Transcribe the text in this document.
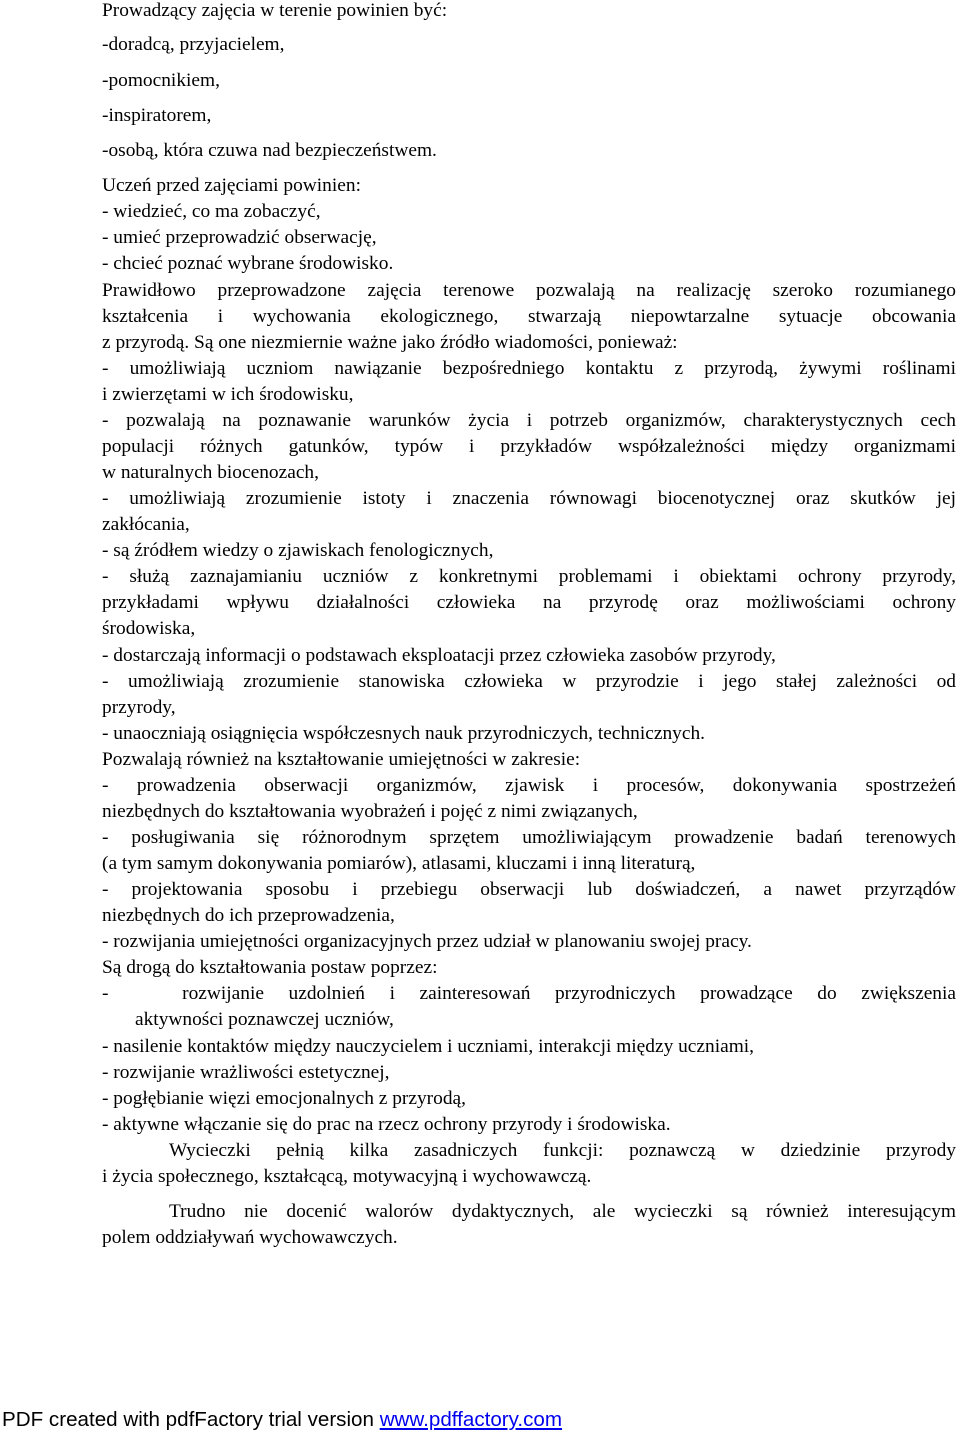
Prowadzący zajęcia w terenie powinien być:
-doradcą, przyjacielem,
-pomocnikiem,
-inspiratorem,
-osobą, która czuwa nad bezpieczeństwem.
Uczeń przed zajęciami powinien:
- wiedzieć, co ma zobaczyć,
- umieć przeprowadzić obserwację,
- chcieć poznać wybrane środowisko.
Prawidłowo przeprowadzone zajęcia terenowe pozwalają na realizację szeroko rozumianego
kształcenia i wychowania ekologicznego, stwarzają niepowtarzalne sytuacje obcowania
z przyrodą. Są one niezmiernie ważne jako źródło wiadomości, ponieważ:
- umożliwiają uczniom nawiązanie bezpośredniego kontaktu z przyrodą, żywymi roślinami
i zwierzętami w ich środowisku,
- pozwalają na poznawanie warunków życia i potrzeb organizmów, charakterystycznych cech
populacji różnych gatunków, typów i przykładów współzależności między organizmami
w naturalnych biocenozach,
- umożliwiają zrozumienie istoty i znaczenia równowagi biocenotycznej oraz skutków jej
zakłócania,
- są źródłem wiedzy o zjawiskach fenologicznych,
- służą zaznajamianiu uczniów z konkretnymi problemami i obiektami ochrony przyrody,
przykładami wpływu działalności człowieka na przyrodę oraz możliwościami ochrony
środowiska,
- dostarczają informacji o podstawach eksploatacji przez człowieka zasobów przyrody,
- umożliwiają zrozumienie stanowiska człowieka w przyrodzie i jego stałej zależności od
przyrody,
- unaoczniają osiągnięcia współczesnych nauk przyrodniczych, technicznych.
Pozwalają również na kształtowanie umiejętności w zakresie:
- prowadzenia obserwacji organizmów, zjawisk i procesów, dokonywania spostrzeżeń
niezbędnych do kształtowania wyobrażeń i pojęć z nimi związanych,
- posługiwania się różnorodnym sprzętem umożliwiającym prowadzenie badań terenowych
(a tym samym dokonywania pomiarów), atlasami, kluczami i inną literaturą,
- projektowania sposobu i przebiegu obserwacji lub doświadczeń, a nawet przyrządów
niezbędnych do ich przeprowadzenia,
- rozwijania umiejętności organizacyjnych przez udział w planowaniu swojej pracy.
Są drogą do kształtowania postaw poprzez:
-   rozwijanie uzdolnień i zainteresowań przyrodniczych prowadzące do zwiększenia
aktywności poznawczej uczniów,
- nasilenie kontaktów między nauczycielem i uczniami, interakcji między uczniami,
- rozwijanie wrażliwości estetycznej,
- pogłębianie więzi emocjonalnych z przyrodą,
- aktywne włączanie się do prac na rzecz ochrony przyrody i środowiska.
Wycieczki pełnią kilka zasadniczych funkcji: poznawczą w dziedzinie przyrody
i życia społecznego, kształcącą, motywacyjną i wychowawczą.
Trudno nie docenić walorów dydaktycznych, ale wycieczki są również interesującym
polem oddziaływań wychowawczych.
PDF created with pdfFactory trial version www.pdffactory.com
